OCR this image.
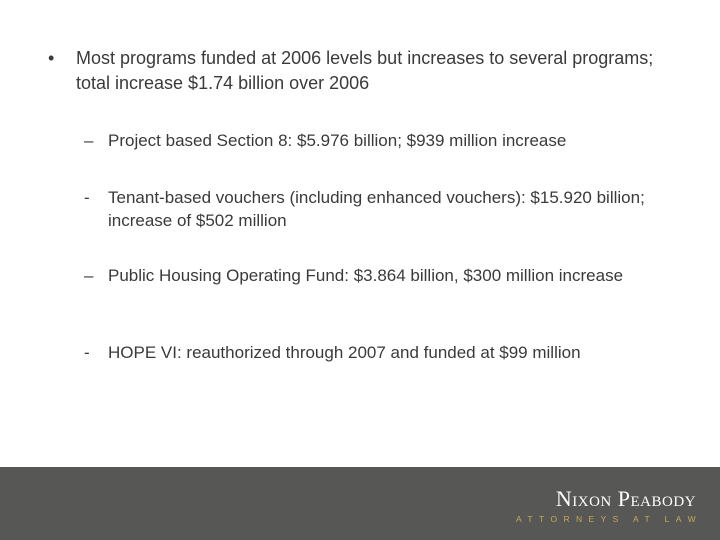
•	Most programs funded at 2006 levels but increases to several programs; total increase $1.74 billion over 2006
– Project based Section 8: $5.976 billion; $939 million increase
-	Tenant-based vouchers (including enhanced vouchers): $15.920 billion; increase of $502 million
– Public Housing Operating Fund: $3.864 billion, $300 million increase
-	HOPE VI: reauthorized through 2007 and funded at $99 million
Nixon Peabody
ATTORNEYS AT LAW
